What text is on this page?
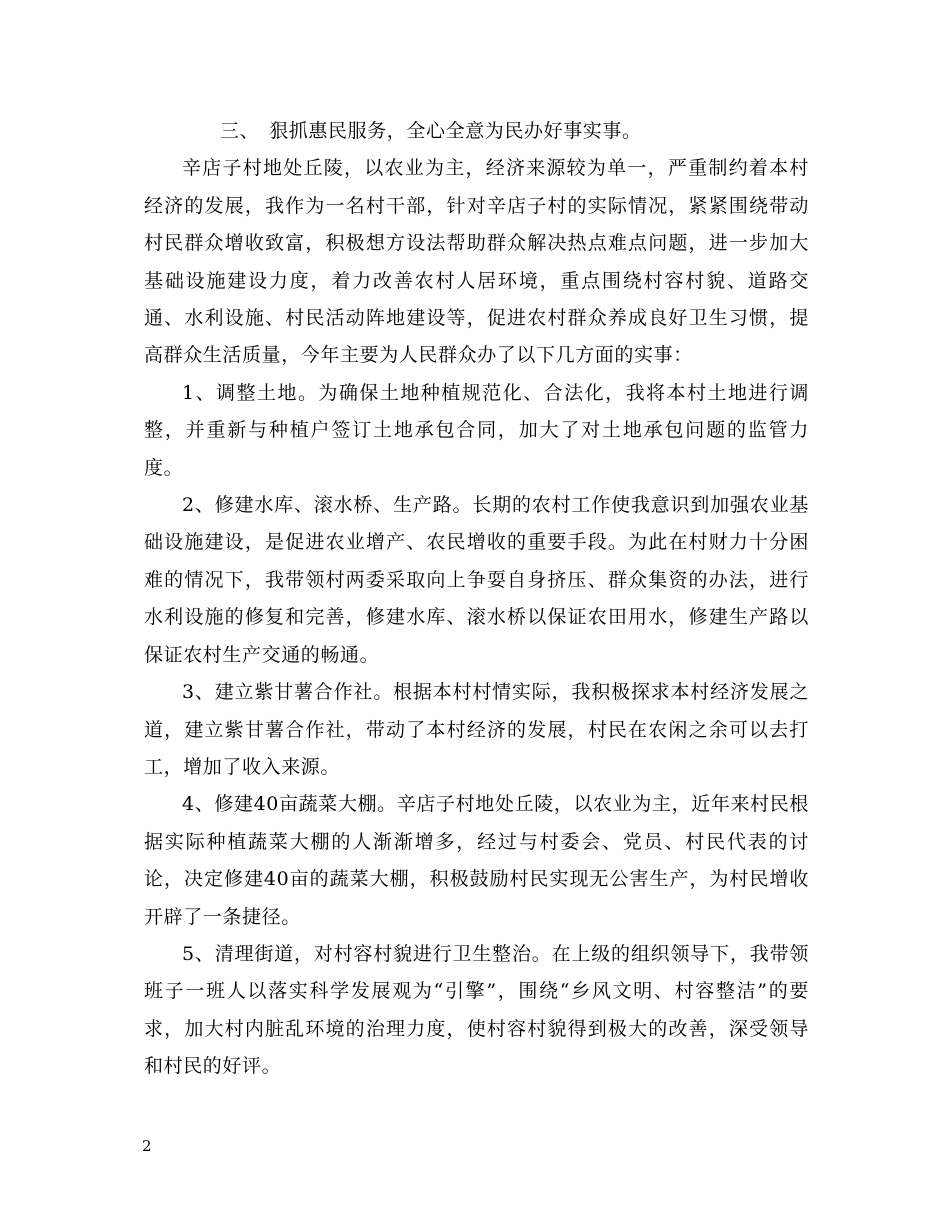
三、 狠抓惠民服务，全心全意为民办好事实事。

辛店子村地处丘陵，以农业为主，经济来源较为单一，严重制约着本村经济的发展，我作为一名村干部，针对辛店子村的实际情况，紧紧围绕带动村民群众增收致富，积极想方设法帮助群众解决热点难点问题，进一步加大基础设施建设力度，着力改善农村人居环境，重点围绕村容村貌、道路交通、水利设施、村民活动阵地建设等，促进农村群众养成良好卫生习惯，提高群众生活质量，今年主要为人民群众办了以下几方面的实事：

1、调整土地。为确保土地种植规范化、合法化，我将本村土地进行调整，并重新与种植户签订土地承包合同，加大了对土地承包问题的监管力度。

2、修建水库、滚水桥、生产路。长期的农村工作使我意识到加强农业基础设施建设，是促进农业增产、农民增收的重要手段。为此在村财力十分困难的情况下，我带领村两委采取向上争耍自身挤压、群众集资的办法，进行水利设施的修复和完善，修建水库、滚水桥以保证农田用水，修建生产路以保证农村生产交通的畅通。

3、建立紫甘薯合作社。根据本村村情实际，我积极探求本村经济发展之道，建立紫甘薯合作社，带动了本村经济的发展，村民在农闲之余可以去打工，增加了收入来源。

4、修建40亩蔬菜大棚。辛店子村地处丘陵，以农业为主，近年来村民根据实际种植蔬菜大棚的人渐渐增多，经过与村委会、党员、村民代表的讨论，决定修建40亩的蔬菜大棚，积极鼓励村民实现无公害生产，为村民增收开辟了一条捷径。

5、清理街道，对村容村貌进行卫生整治。在上级的组织领导下，我带领班子一班人以落实科学发展观为“引擎”，围绕“乡风文明、村容整洁”的要求，加大村内脏乱环境的治理力度，使村容村貌得到极大的改善，深受领导和村民的好评。

2
